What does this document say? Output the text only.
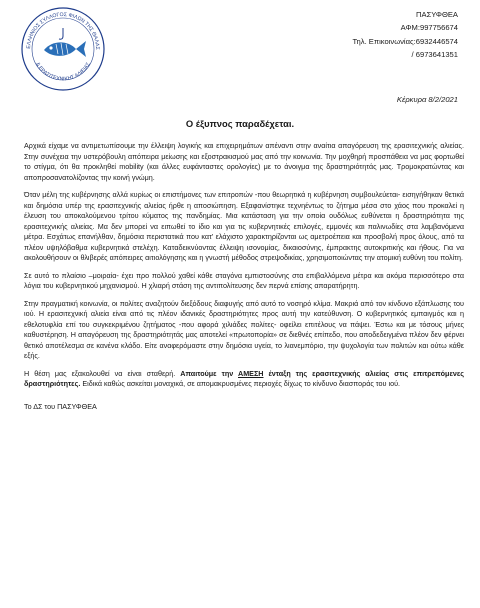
ΕΛΛΗΝΙΟΣ ΣΥΛΛΟΓΟΣ ΦΙΛΩΝ ΤΗΣ ΘΑΛΑΣ
& ΕΡΑΣΙΤΕΧΝΙΚΗΣ ΑΛΙΕΙΑΣ
ΠΑΣΥΦΘΕΑ
ΑΦΜ:997756674
Τηλ. Επικοινωνίας:6932446574
/ 6973641351
Κέρκυρα 8/2/2021
Ο έξυπνος παραδέχεται.

Αρχικά είχαμε να αντιμετωπίσουμε την έλλειψη λογικής και επιχειρημάτων απέναντι στην αναίτια απαγόρευση της ερασιτεχνικής αλιείας. Στην συνέχεια την υστερόβουλη απόπειρα μείωσης και εξοστρακισμού μας από την κοινωνία. Την μοχθηρή προσπάθεια να μας φορτωθεί το στίγμα, ότι θα προκληθεί mobility (και άλλες ευφάνταστες ορολογίες) με το άνοιγμα της δραστηριότητάς μας. Τρομοκρατώντας και αποπροσανατολίζοντας την κοινή γνώμη.

Όταν μέλη της κυβέρνησης αλλά κυρίως οι επιστήμονες των επιτροπών -που θεωρητικά η κυβέρνηση συμβουλεύεται- εισηγήθηκαν θετικά και δημόσια υπέρ της ερασιτεχνικής αλιείας ήρθε η αποσιώπηση. Εξαφανίστηκε τεχνηέντως το ζήτημα μέσα στο χάος που προκαλεί η έλευση του αποκαλούμενου τρίτου κύματος της πανδημίας. Μια κατάσταση για την οποία ουδόλως ευθύνεται η δραστηριότητα της ερασιτεχνικής αλιείας. Μα δεν μπορεί να ειπωθεί το ίδιο και για τις κυβερνητικές επιλογές, εμμονές και παλινωδίες στα λαμβανόμενα μέτρα. Εσχάτως επανήλθαν, δημόσια περιστατικά που κατ' ελάχιστο χαρακτηρίζονται ως αμετροέπεια και προσβολή προς όλους, από τα πλέον υψηλόβαθμα κυβερνητικά στελέχη. Καταδεικνύοντας έλλειψη ισονομίας, δικαιοσύνης, έμπρακτης αυτοκριτικής και ήθους. Για να ακολουθήσουν οι θλιβερές απόπειρες αιτιολόγησης και η γνωστή μέθοδος στρεψοδικίας, χρησιμοποιώντας την ατομική ευθύνη του πολίτη.

Σε αυτό το πλαίσιο –μοιραία- έχει προ πολλού χαθεί κάθε σταγόνα εμπιστοσύνης στα επιβαλλόμενα μέτρα και ακόμα περισσότερο στα λόγια του κυβερνητικού μηχανισμού. Η χλιαρή στάση της αντιπολίτευσης δεν περνά επίσης απαρατήρητη.

Στην πραγματική κοινωνία, οι πολίτες αναζητούν διεξόδους διαφυγής από αυτό το νοσηρό κλίμα. Μακριά από τον κίνδυνο εξάπλωσης του ιού. Η ερασιτεχνική αλιεία είναι από τις πλέον ιδανικές δραστηριότητες προς αυτή την κατεύθυνση. Ο κυβερνητικός εμπαιγμός και η εθελοτυφλία επί του συγκεκριμένου ζητήματος -που αφορά χιλιάδες πολίτες- οφείλει επιτέλους να πάψει. Έστω και με τόσους μήνες καθυστέρηση. Η απαγόρευση της δραστηριότητάς μας αποτελεί «πρωτοπορία» σε διεθνές επίπεδο, που αποδεδειγμένα πλέον δεν φέρνει θετικό αποτέλεσμα σε κανένα κλάδο. Είτε αναφερόμαστε στην δημόσια υγεία, το λιανεμπόριο, την ψυχολογία των πολιτών και ούτω κάθε εξής.

Η θέση μας εξακολουθεί να είναι σταθερή. Απαιτούμε την ΑΜΕΣΗ ένταξη της ερασιτεχνικής αλιείας στις επιτρεπόμενες δραστηριότητες. Ειδικά καθώς ασκείται μοναχικά, σε απομακρυσμένες περιοχές δίχως το κίνδυνο διασποράς του ιού.

Το ΔΣ του ΠΑΣΥΦΘΕΑ
